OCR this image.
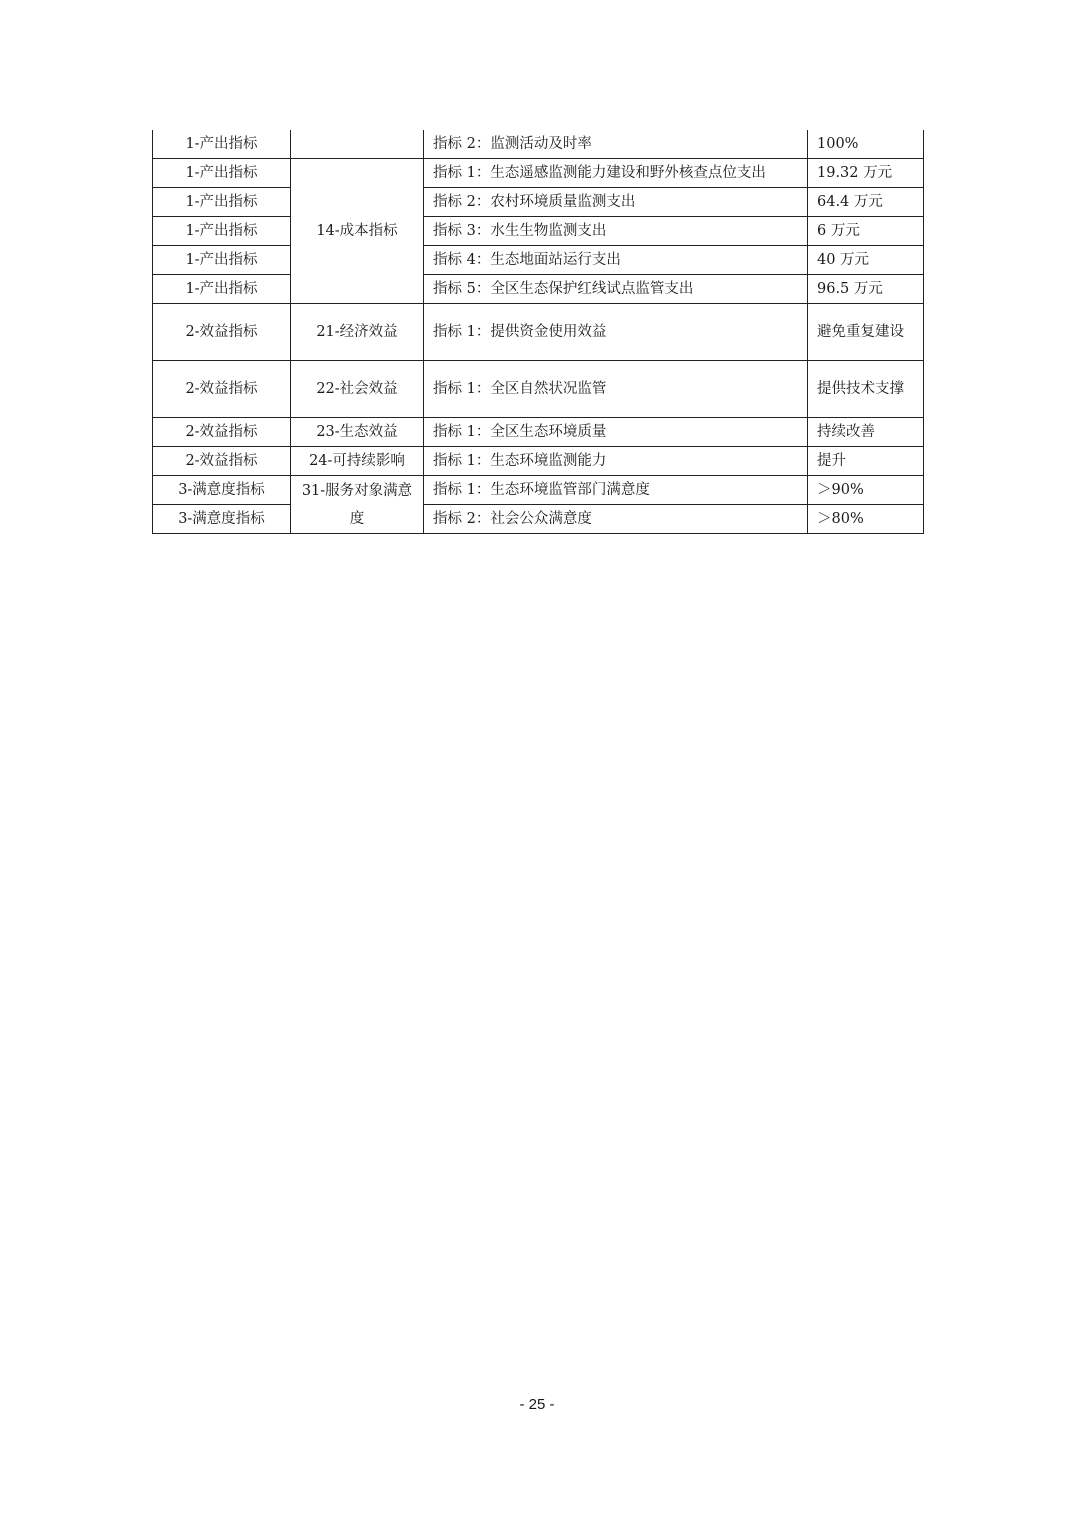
1-产出指标		指标 2：监测活动及时率	100%
1-产出指标	14-成本指标	指标 1：生态遥感监测能力建设和野外核查点位支出	19.32 万元
1-产出指标		指标 2：农村环境质量监测支出	64.4 万元
1-产出指标		指标 3：水生生物监测支出	6 万元
1-产出指标		指标 4：生态地面站运行支出	40 万元
1-产出指标		指标 5：全区生态保护红线试点监管支出	96.5 万元
2-效益指标	21-经济效益	指标 1：提供资金使用效益	避免重复建设
2-效益指标	22-社会效益	指标 1：全区自然状况监管	提供技术支撑
2-效益指标	23-生态效益	指标 1：全区生态环境质量	持续改善
2-效益指标	24-可持续影响	指标 1：生态环境监测能力	提升
3-满意度指标	31-服务对象满意度	指标 1：生态环境监管部门满意度	＞90%
3-满意度指标		指标 2：社会公众满意度	＞80%
- 25 -
